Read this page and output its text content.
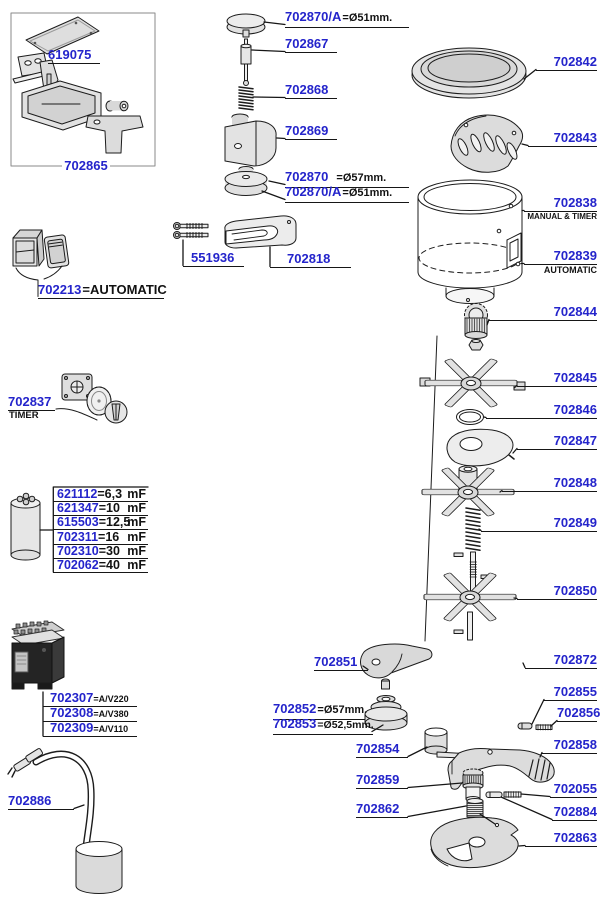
619075
702865
702870/A=Ø51mm.
702867
702868
702869
702870 =Ø57mm.
702870/A=Ø51mm.
702213=AUTOMATIC
551936	702818
702837
TIMER
621112=6,3 mF
621347=10 mF
615503=12,5
mF
702311=16 mF
702310=30 mF
702062=40 mF
702307=A/V220
702308=A/V380
702309=A/V110
702886
702842
702843
702838
MANUAL & TIMER
702839
AUTOMATIC
702844
702845
702846
702847
702848
702849
702850
702872
702855
702856
702858
702055
702884
702863
702851
702852=Ø57mm.
702853=Ø52,5mm.
702854
702859
702862
